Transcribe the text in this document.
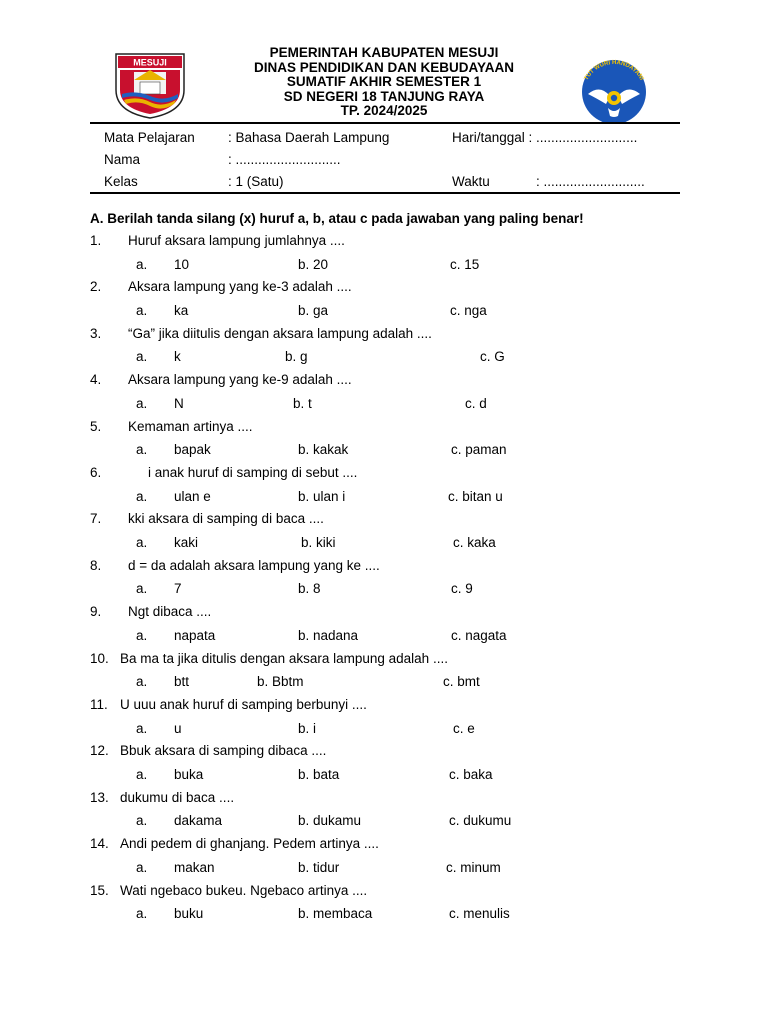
MESUJI
PEMERINTAH KABUPATEN MESUJI
DINAS PENDIDIKAN DAN KEBUDAYAAN
SUMATIF AKHIR SEMESTER 1
SD NEGERI 18 TANJUNG RAYA
TP. 2024/2025
TUT WURI HANDAYANI
Mata Pelajaran : Bahasa Daerah Lampung	Hari/tanggal : ...........................
Nama	: ............................
Kelas	: 1 (Satu)	Waktu	: ...........................
A. Berilah tanda silang (x) huruf a, b, atau c pada jawaban yang paling benar!
1. Huruf aksara lampung jumlahnya ....
a. 10	b. 20	c. 15
2. Aksara lampung yang ke-3 adalah ....
a. ka	b. ga	c. nga
3. “Ga” jika diitulis dengan aksara lampung adalah ....
a. k	b. g	c. G
4. Aksara lampung yang ke-9 adalah ....
a. N	b. t	c. d
5. Kemaman artinya ....
a. bapak	b. kakak	c. paman
6.	i anak huruf di samping di sebut ....
a. ulan e	b. ulan i	c. bitan u
7. kki aksara di samping di baca ....
a. kaki	b. kiki	c. kaka
8. d = da adalah aksara lampung yang ke ....
a. 7	b. 8	c. 9
9. Ngt dibaca ....
a. napata	b. nadana	c. nagata
10. Ba ma ta jika ditulis dengan aksara lampung adalah ....
a. btt	b. Bbtm	c. bmt
11. U uuu anak huruf di samping berbunyi ....
a. u	b. i	c. e
12. Bbuk aksara di samping dibaca ....
a. buka	b. bata	c. baka
13. dukumu di baca ....
a. dakama	b. dukamu	c. dukumu
14. Andi pedem di ghanjang. Pedem artinya ....
a. makan	b. tidur	c. minum
15. Wati ngebaco bukeu. Ngebaco artinya ....
a. buku	b. membaca	c. menulis
